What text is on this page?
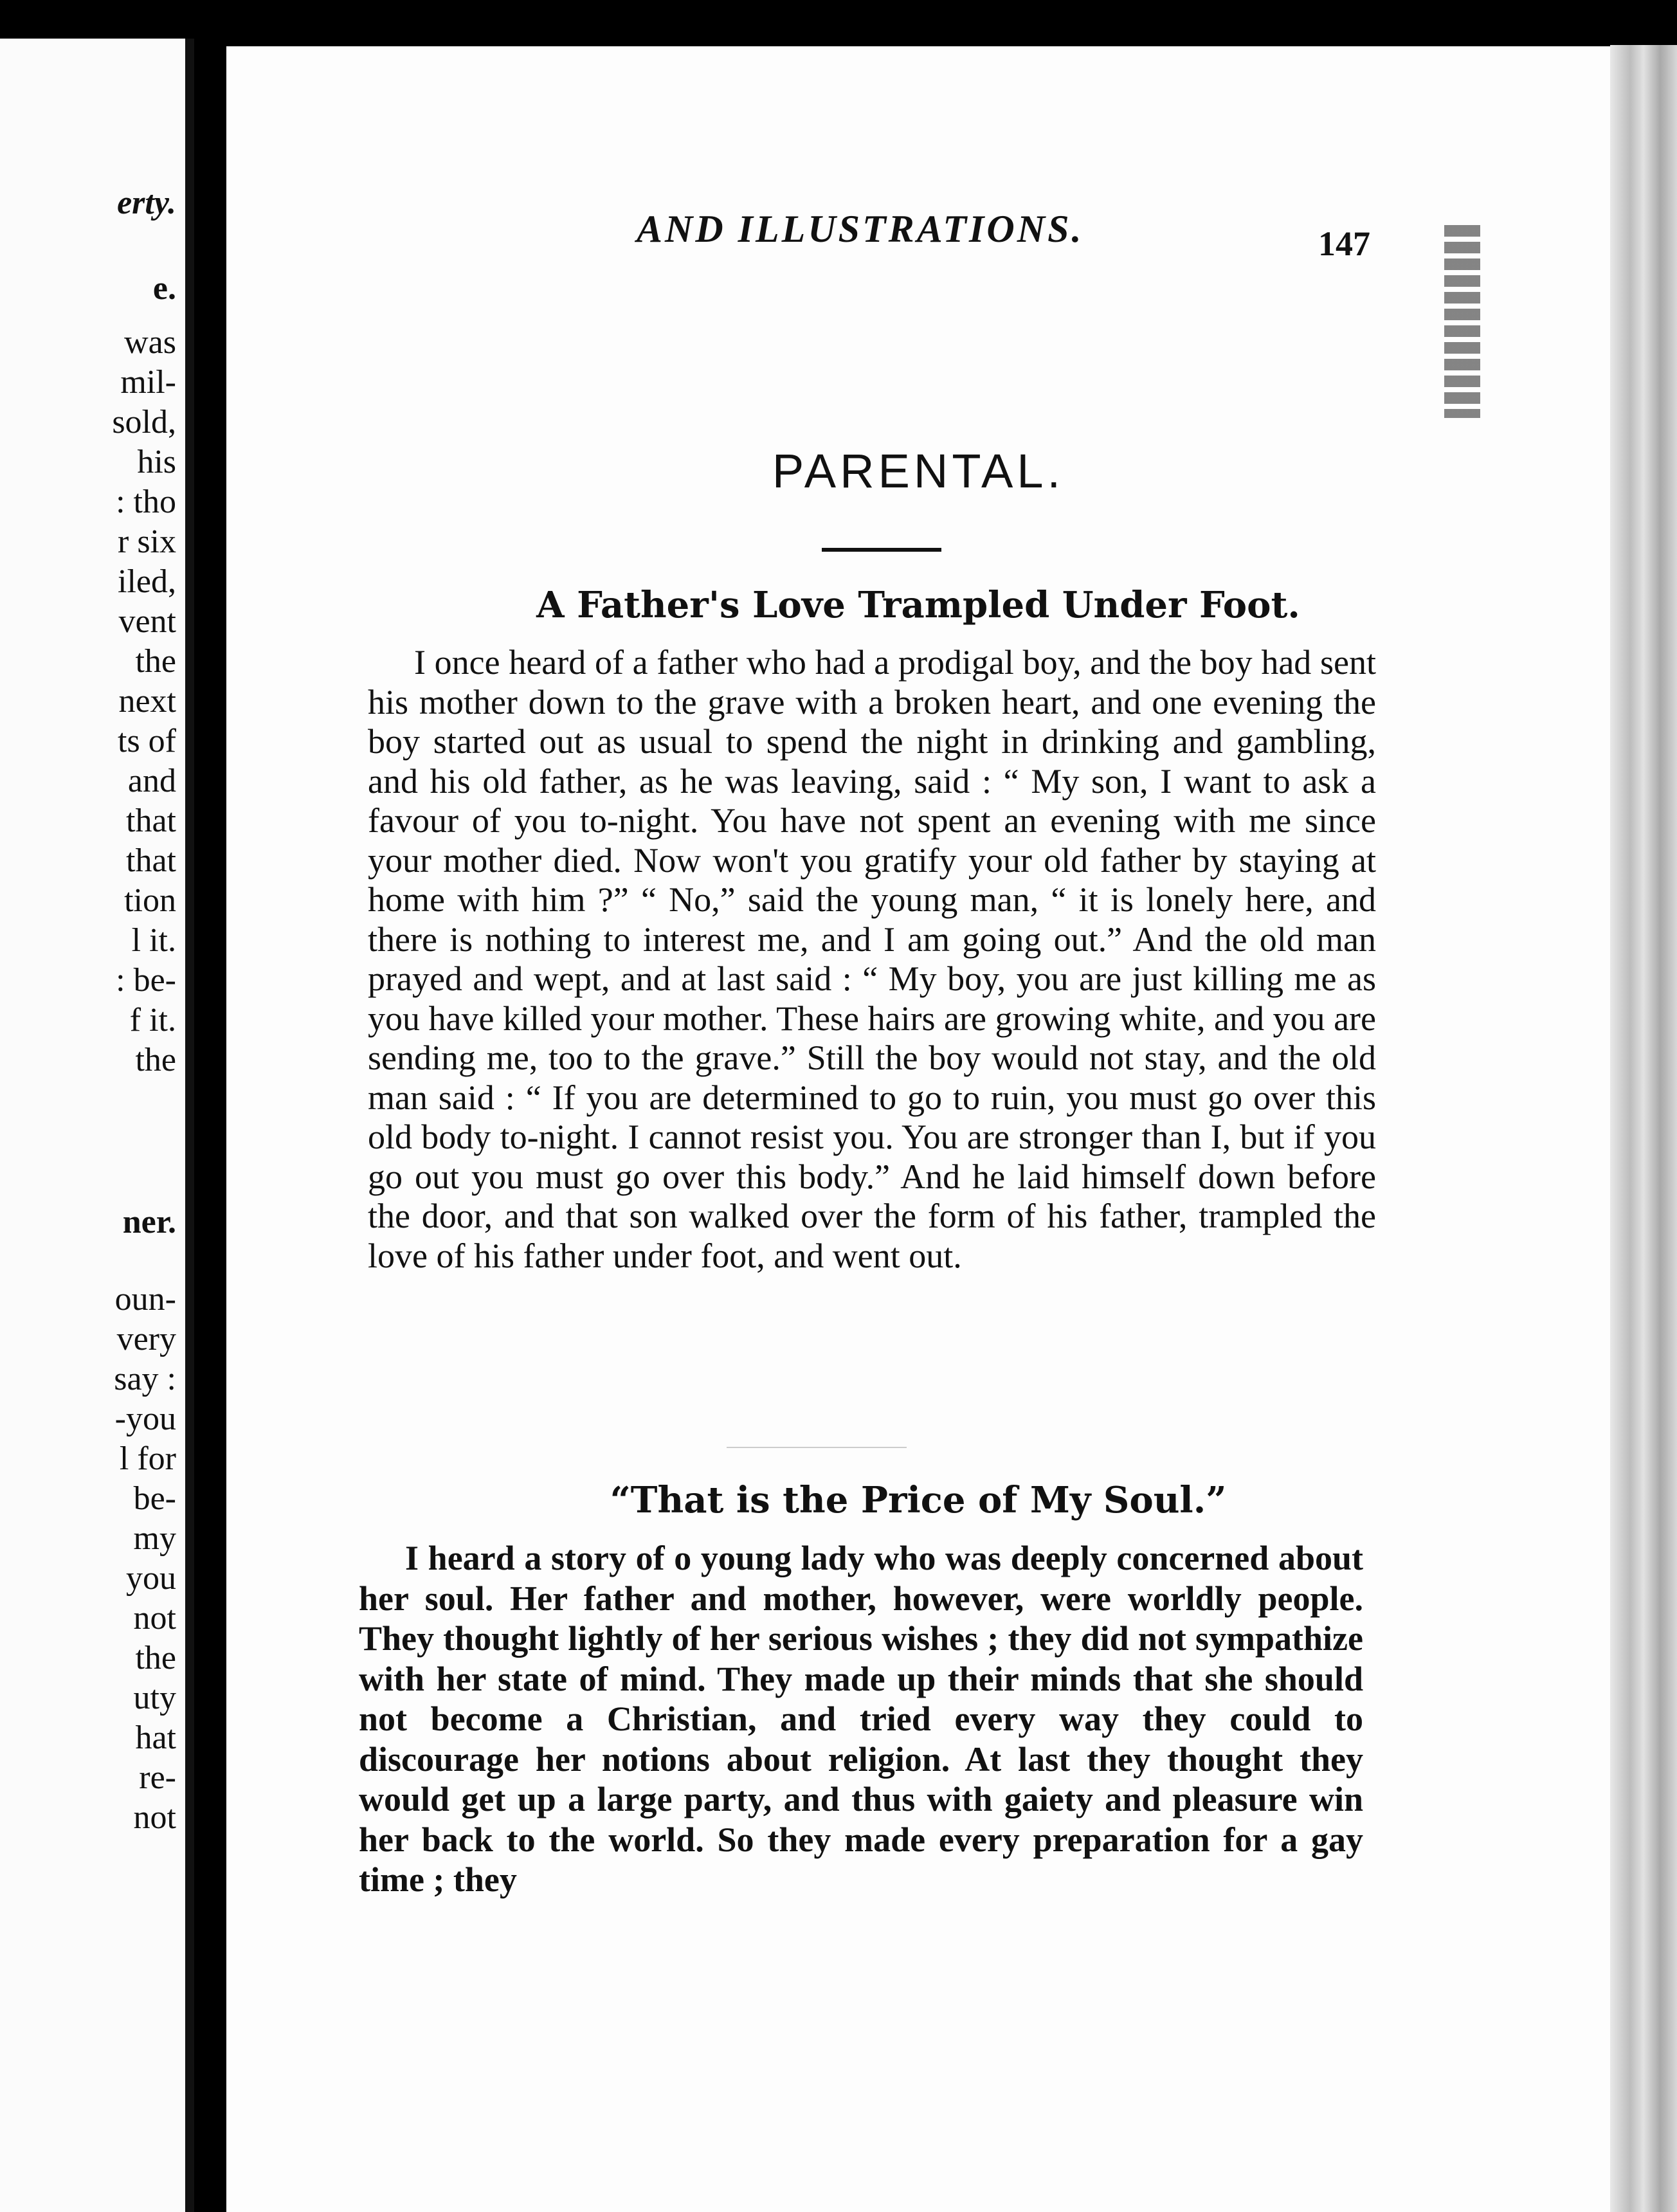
erty.
e.
was
mil-
sold,
his
: tho
r six
iled,
vent
the
next
ts of
and
that
that
tion
l it.
: be-
f it.
the
ner.
oun-
very
say :
-you
l for
be-
my
you
not
the
uty
hat
re-
not
AND ILLUSTRATIONS.	147
PARENTAL.
A Father's Love Trampled Under Foot.

I once heard of a father who had a prodigal boy, and the boy had sent his mother down to the grave with a broken heart, and one evening the boy started out as usual to spend the night in drinking and gambling, and his old father, as he was leaving, said : “ My son, I want to ask a favour of you to-night. You have not spent an evening with me since your mother died. Now won't you gratify your old father by staying at home with him ?” “ No,” said the young man, “ it is lonely here, and there is nothing to interest me, and I am going out.” And the old man prayed and wept, and at last said : “ My boy, you are just killing me as you have killed your mother. These hairs are growing white, and you are sending me, too to the grave.” Still the boy would not stay, and the old man said : “ If you are determined to go to ruin, you must go over this old body to-night. I cannot resist you. You are stronger than I, but if you go out you must go over this body.” And he laid himself down before the door, and that son walked over the form of his father, trampled the love of his father under foot, and went out.

“That is the Price of My Soul.”

I heard a story of o young lady who was deeply concerned about her soul. Her father and mother, however, were worldly people. They thought lightly of her serious wishes ; they did not sympathize with her state of mind. They made up their minds that she should not become a Christian, and tried every way they could to discourage her notions about religion. At last they thought they would get up a large party, and thus with gaiety and pleasure win her back to the world. So they made every preparation for a gay time ; they
